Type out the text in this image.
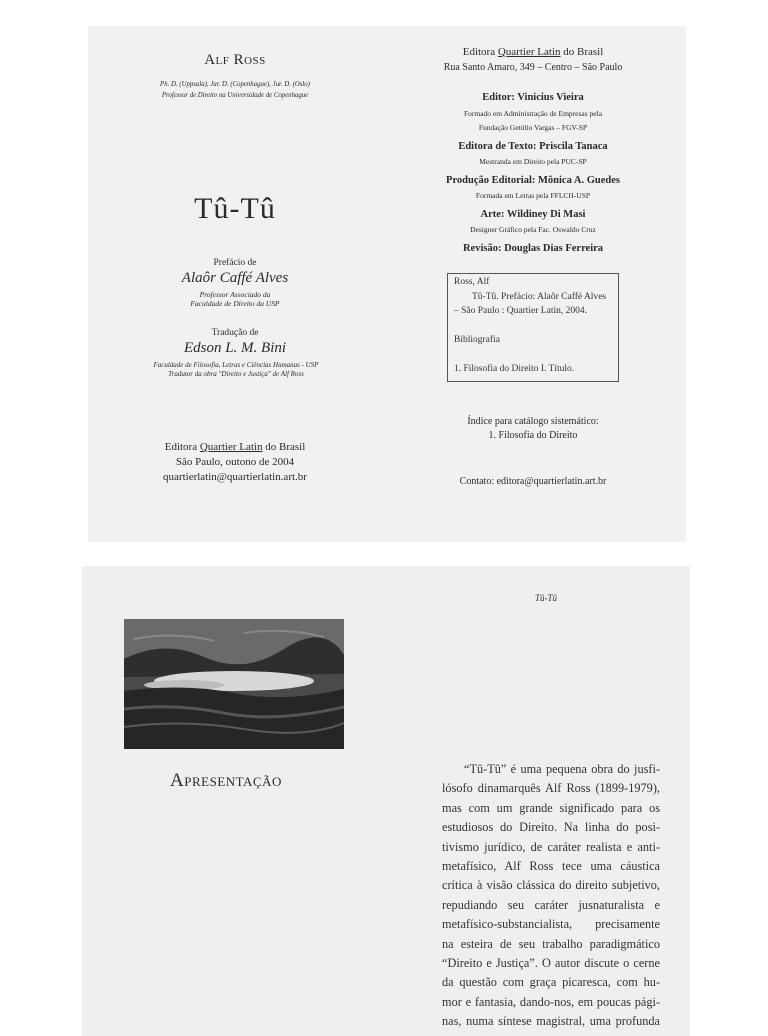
Alf Ross
Ph. D. (Uppsala), Jur. D. (Copenhague), Jur. D. (Oslo)
Professor de Direito na Universidade de Copenhague
Tû-Tû
Prefácio de
Alaôr Caffé Alves
Professor Associado da
Faculdade de Direito da USP
Tradução de
Edson L. M. Bini
Faculdade de Filosofia, Letras e Ciências Humanas - USP
Tradutor da obra "Direito e Justiça" de Alf Ross
Editora Quartier Latin do Brasil
São Paulo, outono de 2004
quartierlatin@quartierlatin.art.br
Editora Quartier Latin do Brasil
Rua Santo Amaro, 349 – Centro – São Paulo
Editor: Vinicius Vieira
Formado em Administração de Empresas pela
Fundação Getúlio Vargas – FGV-SP
Editora de Texto: Priscila Tanaca
Mestranda em Direito pela PUC-SP
Produção Editorial: Mônica A. Guedes
Formada em Letras pela FFLCH-USP
Arte: Wildiney Di Masi
Designer Gráfico pela Fac. Oswaldo Cruz
Revisão: Douglas Dias Ferreira
Ross, Alf
Tû-Tû. Prefácio: Alaôr Caffé Alves
– São Paulo : Quartier Latin, 2004.
Bibliografia
1. Filosofia do Direito I. Título.
Índice para catálogo sistemático:
1. Filosofia do Direito
Contato: editora@quartierlatin.art.br
Apresentação
Tû-Tû
“Tû-Tû” é uma pequena obra do jusfi-
lósofo dinamarquês Alf Ross (1899-1979),
mas com um grande significado para os
estudiosos do Direito. Na linha do posi-
tivismo jurídico, de caráter realista e anti-
metafísico, Alf Ross tece uma cáustica
crítica à visão clássica do direito subjetivo,
repudiando seu caráter jusnaturalista e
metafísico-substancialista, precisamente
na esteira de seu trabalho paradigmático
“Direito e Justiça”. O autor discute o cerne
da questão com graça picaresca, com hu-
mor e fantasia, dando-nos, em poucas pági-
nas, numa síntese magistral, uma profunda
